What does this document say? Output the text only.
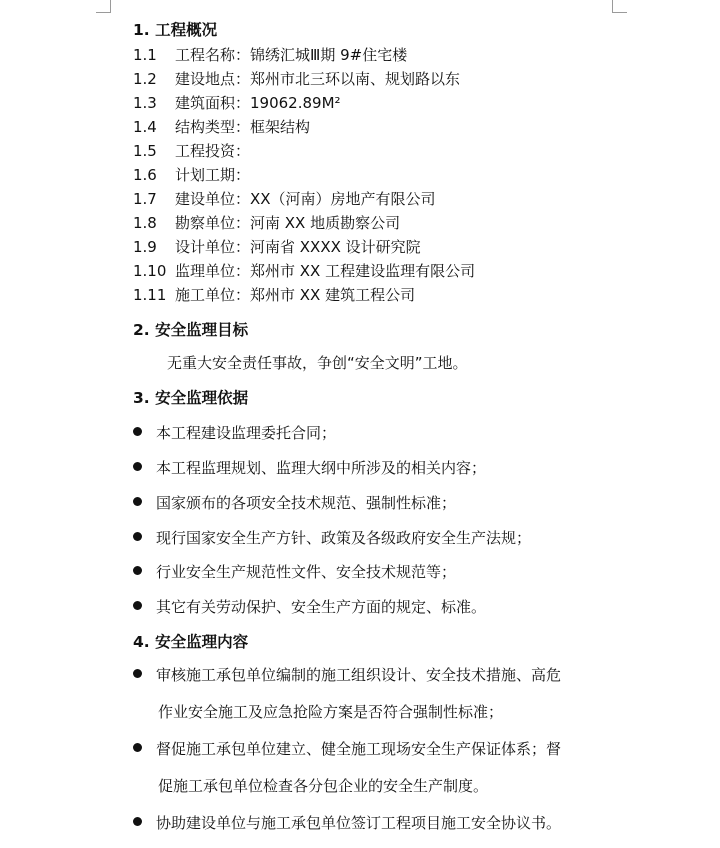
1. 工程概况
1.1 工程名称：锦绣汇城Ⅲ期 9#住宅楼
1.2 建设地点：郑州市北三环以南、规划路以东
1.3 建筑面积：19062.89M²
1.4 结构类型：框架结构
1.5 工程投资：
1.6 计划工期：
1.7 建设单位：XX（河南）房地产有限公司
1.8 勘察单位：河南 XX 地质勘察公司
1.9 设计单位：河南省 XXXX 设计研究院
1.10 监理单位：郑州市 XX 工程建设监理有限公司
1.11 施工单位：郑州市 XX 建筑工程公司
2. 安全监理目标
无重大安全责任事故，争创“安全文明”工地。
3. 安全监理依据
本工程建设监理委托合同；
本工程监理规划、监理大纲中所涉及的相关内容；
国家颁布的各项安全技术规范、强制性标准；
现行国家安全生产方针、政策及各级政府安全生产法规；
行业安全生产规范性文件、安全技术规范等；
其它有关劳动保护、安全生产方面的规定、标准。
4. 安全监理内容
审核施工承包单位编制的施工组织设计、安全技术措施、高危
作业安全施工及应急抢险方案是否符合强制性标准；
督促施工承包单位建立、健全施工现场安全生产保证体系；督
促施工承包单位检查各分包企业的安全生产制度。
协助建设单位与施工承包单位签订工程项目施工安全协议书。
